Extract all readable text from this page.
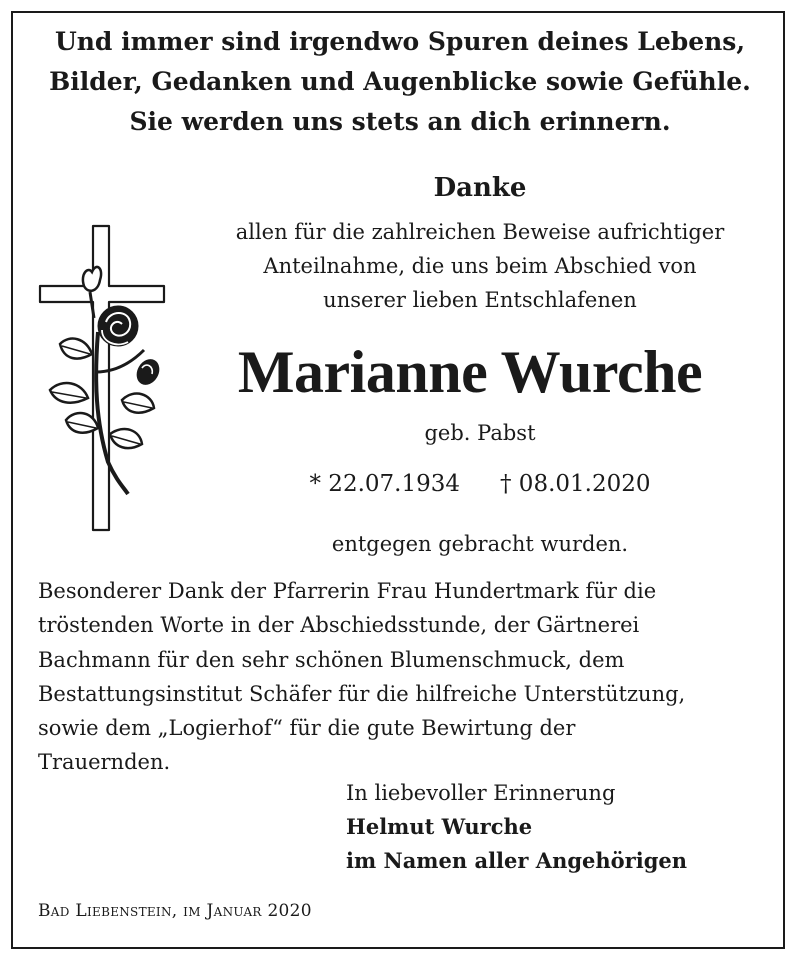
Und immer sind irgendwo Spuren deines Lebens,
Bilder, Gedanken und Augenblicke sowie Gefühle.
Sie werden uns stets an dich erinnern.
Danke
allen für die zahlreichen Beweise aufrichtiger
Anteilnahme, die uns beim Abschied von
unserer lieben Entschlafenen
Marianne Wurche
geb. Pabst
* 22.07.1934 † 08.01.2020
entgegen gebracht wurden.
Besonderer Dank der Pfarrerin Frau Hundertmark für die
tröstenden Worte in der Abschiedsstunde, der Gärtnerei
Bachmann für den sehr schönen Blumenschmuck, dem
Bestattungsinstitut Schäfer für die hilfreiche Unterstützung,
sowie dem „Logierhof“ für die gute Bewirtung der
Trauernden.
In liebevoller Erinnerung
Helmut Wurche
im Namen aller Angehörigen
Bad Liebenstein, im Januar 2020
